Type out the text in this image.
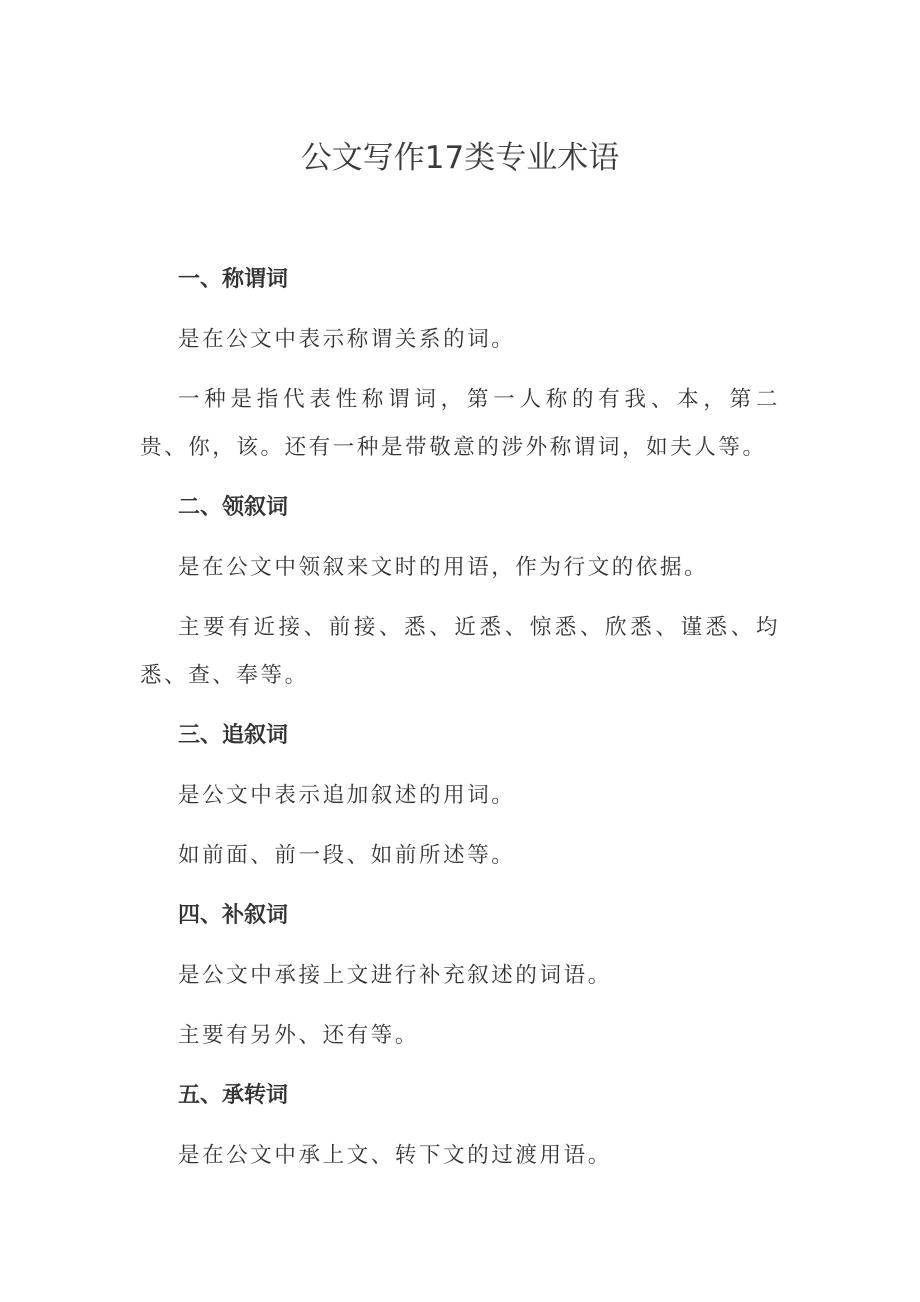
公文写作17类专业术语
一、称谓词

是在公文中表示称谓关系的词。

一种是指代表性称谓词，第一人称的有我、本，第二贵、你，该。还有一种是带敬意的涉外称谓词，如夫人等。

二、领叙词

是在公文中领叙来文时的用语，作为行文的依据。

主要有近接、前接、悉、近悉、惊悉、欣悉、谨悉、均悉、查、奉等。

三、追叙词

是公文中表示追加叙述的用词。

如前面、前一段、如前所述等。

四、补叙词

是公文中承接上文进行补充叙述的词语。

主要有另外、还有等。

五、承转词

是在公文中承上文、转下文的过渡用语。
